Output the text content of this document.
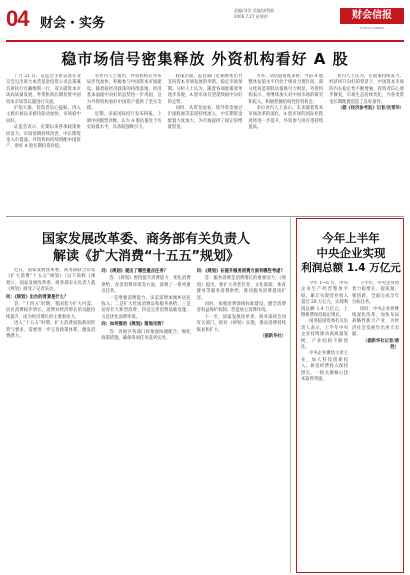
04 财会・实务
责编/刘莹 美编/唐利源
2006.7.27 星期四	财会信报
CAIKUAI XINBAO
稳市场信号密集释放 外资机构看好 A 股

7 月 21 日，证监会主席吴清在北京会见出席大本营基金投资公司总裁兼首席执行官戴维斯一行，双方就资本市场高质量发展、外资机构长期投资中国资本市场等议题进行交流。

沪指大涨，投资者信心提振，进入主板市场以来板块轮动加快，市场稳中向好。

证监会表示，近期以来各项政策协同发力，市场预期持续改善，中长期资金入市提速。外资机构持续增配中国资产，看好 A 股长期投资价值。

有业内人士指出，外资机构在华布局步伐加快，积极参与中国资本市场建设。随着稳经济政策的持续落地，经济基本面稳中向好的态势进一步巩固，这为外资机构看好中国资产提供了坚实支撑。

近期，多家国际投行发布研报，上调中国股票评级，认为 A 股估值处于历史较低水平，具备较强吸引力。

政策层面，监管部门近期密集出台支持资本市场发展的举措，稳定市场预期。分析人士认为，随着各项政策效果逐步显现，A 股市场有望延续稳中向好的走势。

同时，从资金面看，境外资金通过沪深股通等渠道持续流入，中长期资金配置力度加大，为市场提供了稳定的增量资金。

另外，从估值角度来看，当前 A 股整体估值水平仍处于相对合理区间，部分优质蓝筹股估值吸引力明显。外资机构表示，将继续加大对中国市场的研究和投入，积极把握结构性投资机会。

多位业内人士表示，未来随着资本市场改革的深化，A 股市场的国际化程度将进一步提升，外资参与度有望持续提高。

业内人士认为，在政策持续发力、经济回升向好的背景下，中国资本市场的内在稳定性不断增强，投资者信心逐步修复，市场生态持续优化，为各类资金长期配置创造了良好条件。

（据《经济参考报》记者/吴雪华）

国家发展改革委、商务部有关负责人
解读《扩大消费“十五五”规划》

近日，国家发展改革委、商务部联合印发《扩大消费“十五五”规划》（以下简称《规划》）。国家发展改革委、商务部有关负责人就《规划》接受了记者采访。

问：《规划》出台的背景是什么？

答：“十四五”时期，我国着力扩大内需，居民消费稳步增长，消费对经济增长的贡献持续提升，成为经济增长的主要驱动力。

进入“十五五”时期，扩大消费面临新的形势与要求，需要进一步完善政策体系，激发消费潜力。

问：《规划》提出了哪些重点任务？

答：《规划》围绕提升消费能力、优化消费供给、改善消费环境等方面，部署了一系列重点任务。

一是增强消费能力，多渠道增加城乡居民收入；二是扩大优质消费品和服务供给；三是培育壮大新型消费；四是完善消费基础设施；五是优化消费环境。

问：如何推动《规划》落地见效？

答：各地区各部门将加强协调配合，细化政策措施，确保各项任务落到实处。

问：《规划》在提升服务消费方面有哪些考虑？

答：服务消费是消费增长的重要动力。《规划》提出，要扩大养老托育、文化旅游、体育健身等服务消费供给，推动服务消费提质扩容。

同时，加强消费领域标准建设，健全消费者权益保护机制，营造放心消费环境。

下一步，国家发展改革委、商务部将会同有关部门，抓好《规划》实施，推动消费持续恢复和扩大。

（据新华社）

今年上半年
中央企业实现
利润总额 1.4 万亿元

今年 1—6 月，中央企业生产经营整体平稳，累计实现营业收入超过 20 万亿元，实现利润总额 1.4 万亿元，上缴税费保持稳定增长。

国务院国资委有关负责人表示，上半年中央企业持续推动高质量发展，产业结构不断优化。

中央企业聚焦主责主业，加大科技创新投入，研发经费投入保持增长，一批关键核心技术取得突破。

下半年，中央企业将着力稳增长、提质量、强创新，全面完成全年目标任务。

同时，中央企业将继续深化改革，加快布局战略性新兴产业，为经济社会发展作出更大贡献。

（据新华社记者/唐胜）
